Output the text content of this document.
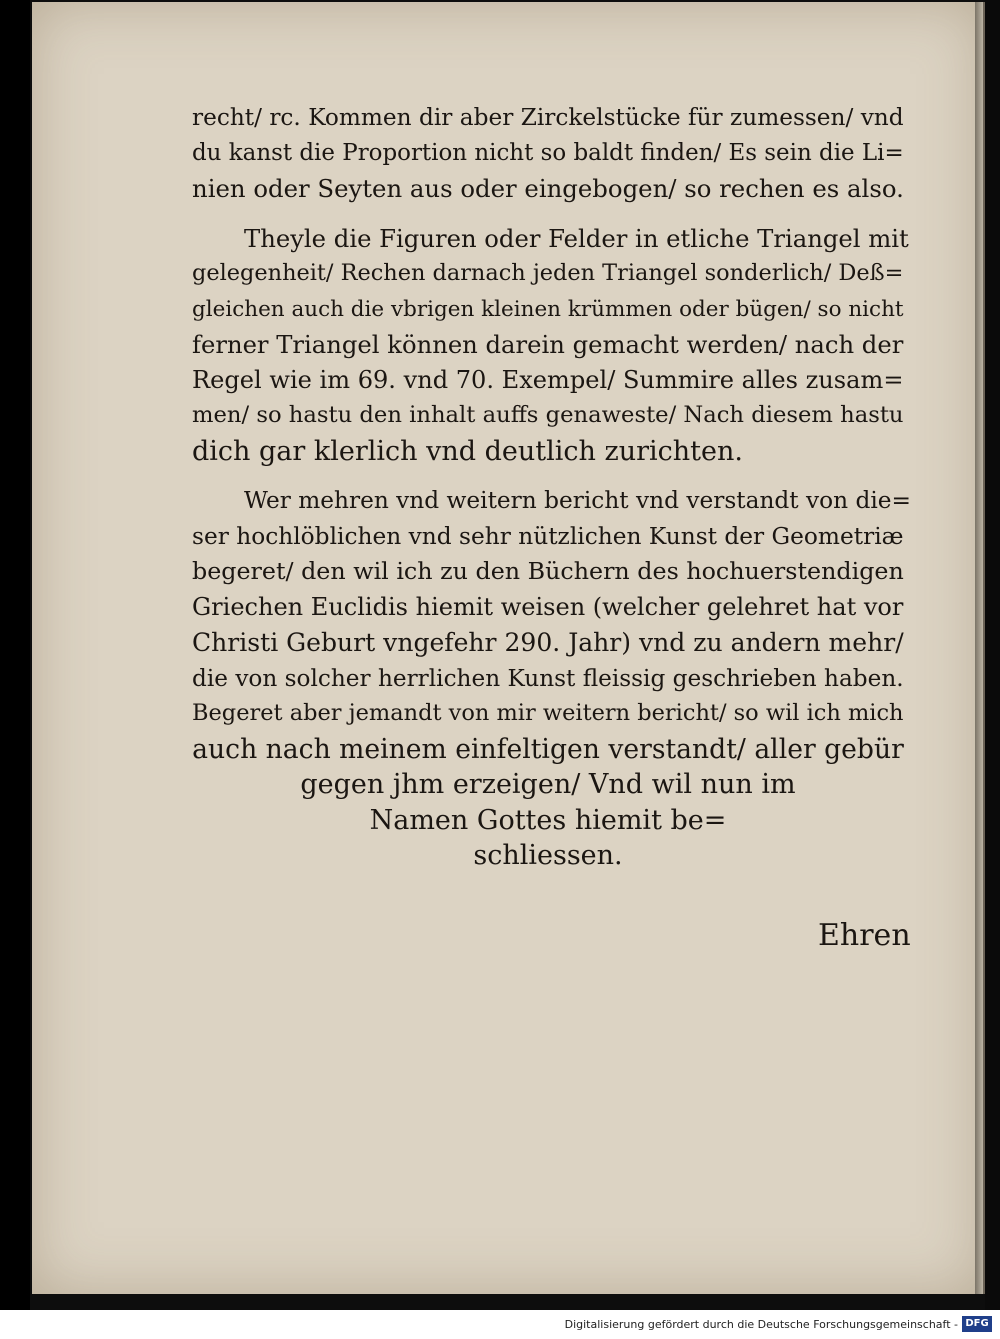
recht/ rc. Kommen dir aber Zirckelstücke für zumessen/ vnd
du kanst die Proportion nicht so baldt finden/ Es sein die Li=
nien oder Seyten aus oder eingebogen/ so rechen es also.

Theyle die Figuren oder Felder in etliche Triangel mit
gelegenheit/ Rechen darnach jeden Triangel sonderlich/ Deß=
gleichen auch die vbrigen kleinen krümmen oder bügen/ so nicht
ferner Triangel können darein gemacht werden/ nach der
Regel wie im 69. vnd 70. Exempel/ Summire alles zusam=
men/ so hastu den inhalt auffs genaweste/ Nach diesem hastu
dich gar klerlich vnd deutlich zurichten.

Wer mehren vnd weitern bericht vnd verstandt von die=
ser hochlöblichen vnd sehr nützlichen Kunst der Geometriæ
begeret/ den wil ich zu den Büchern des hochuerstendigen
Griechen Euclidis hiemit weisen (welcher gelehret hat vor
Christi Geburt vngefehr 290. Jahr) vnd zu andern mehr/
die von solcher herrlichen Kunst fleissig geschrieben haben.
Begeret aber jemandt von mir weitern bericht/ so wil ich mich
auch nach meinem einfeltigen verstandt/ aller gebür
gegen jhm erzeigen/ Vnd wil nun im
Namen Gottes hiemit be=
schliessen.

Ehren
Digitalisierung gefördert durch die Deutsche Forschungsgemeinschaft - DFG
